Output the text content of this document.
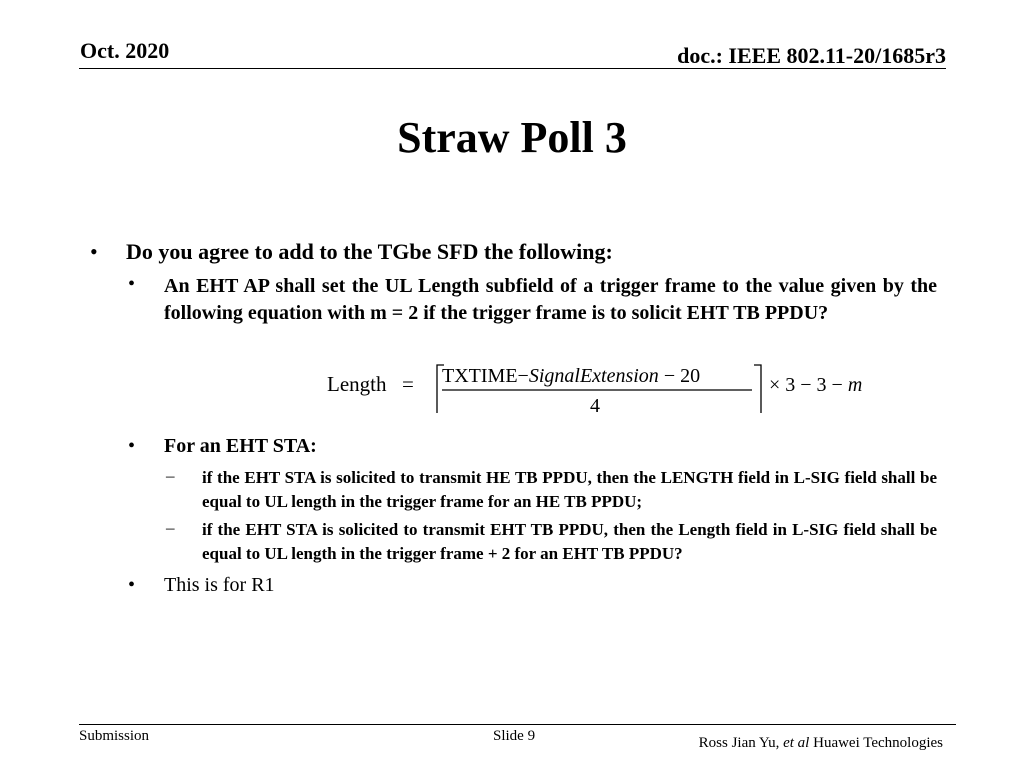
Oct. 2020	doc.: IEEE 802.11-20/1685r3
Straw Poll 3
• Do you agree to add to the TGbe SFD the following:
• An EHT AP shall set the UL Length subfield of a trigger frame to the value given by the following equation with m = 2 if the trigger frame is to solicit EHT TB PPDU?
Length = TXTIME−SignalExtension − 20
4
× 3 − 3 − m
• For an EHT STA:
– if the EHT STA is solicited to transmit HE TB PPDU, then the LENGTH field in L-SIG field shall be equal to UL length in the trigger frame for an HE TB PPDU;
– if the EHT STA is solicited to transmit EHT TB PPDU, then the Length field in L-SIG field shall be equal to UL length in the trigger frame + 2 for an EHT TB PPDU?
• This is for R1
Submission	Slide 9	Ross Jian Yu, et al Huawei Technologies
